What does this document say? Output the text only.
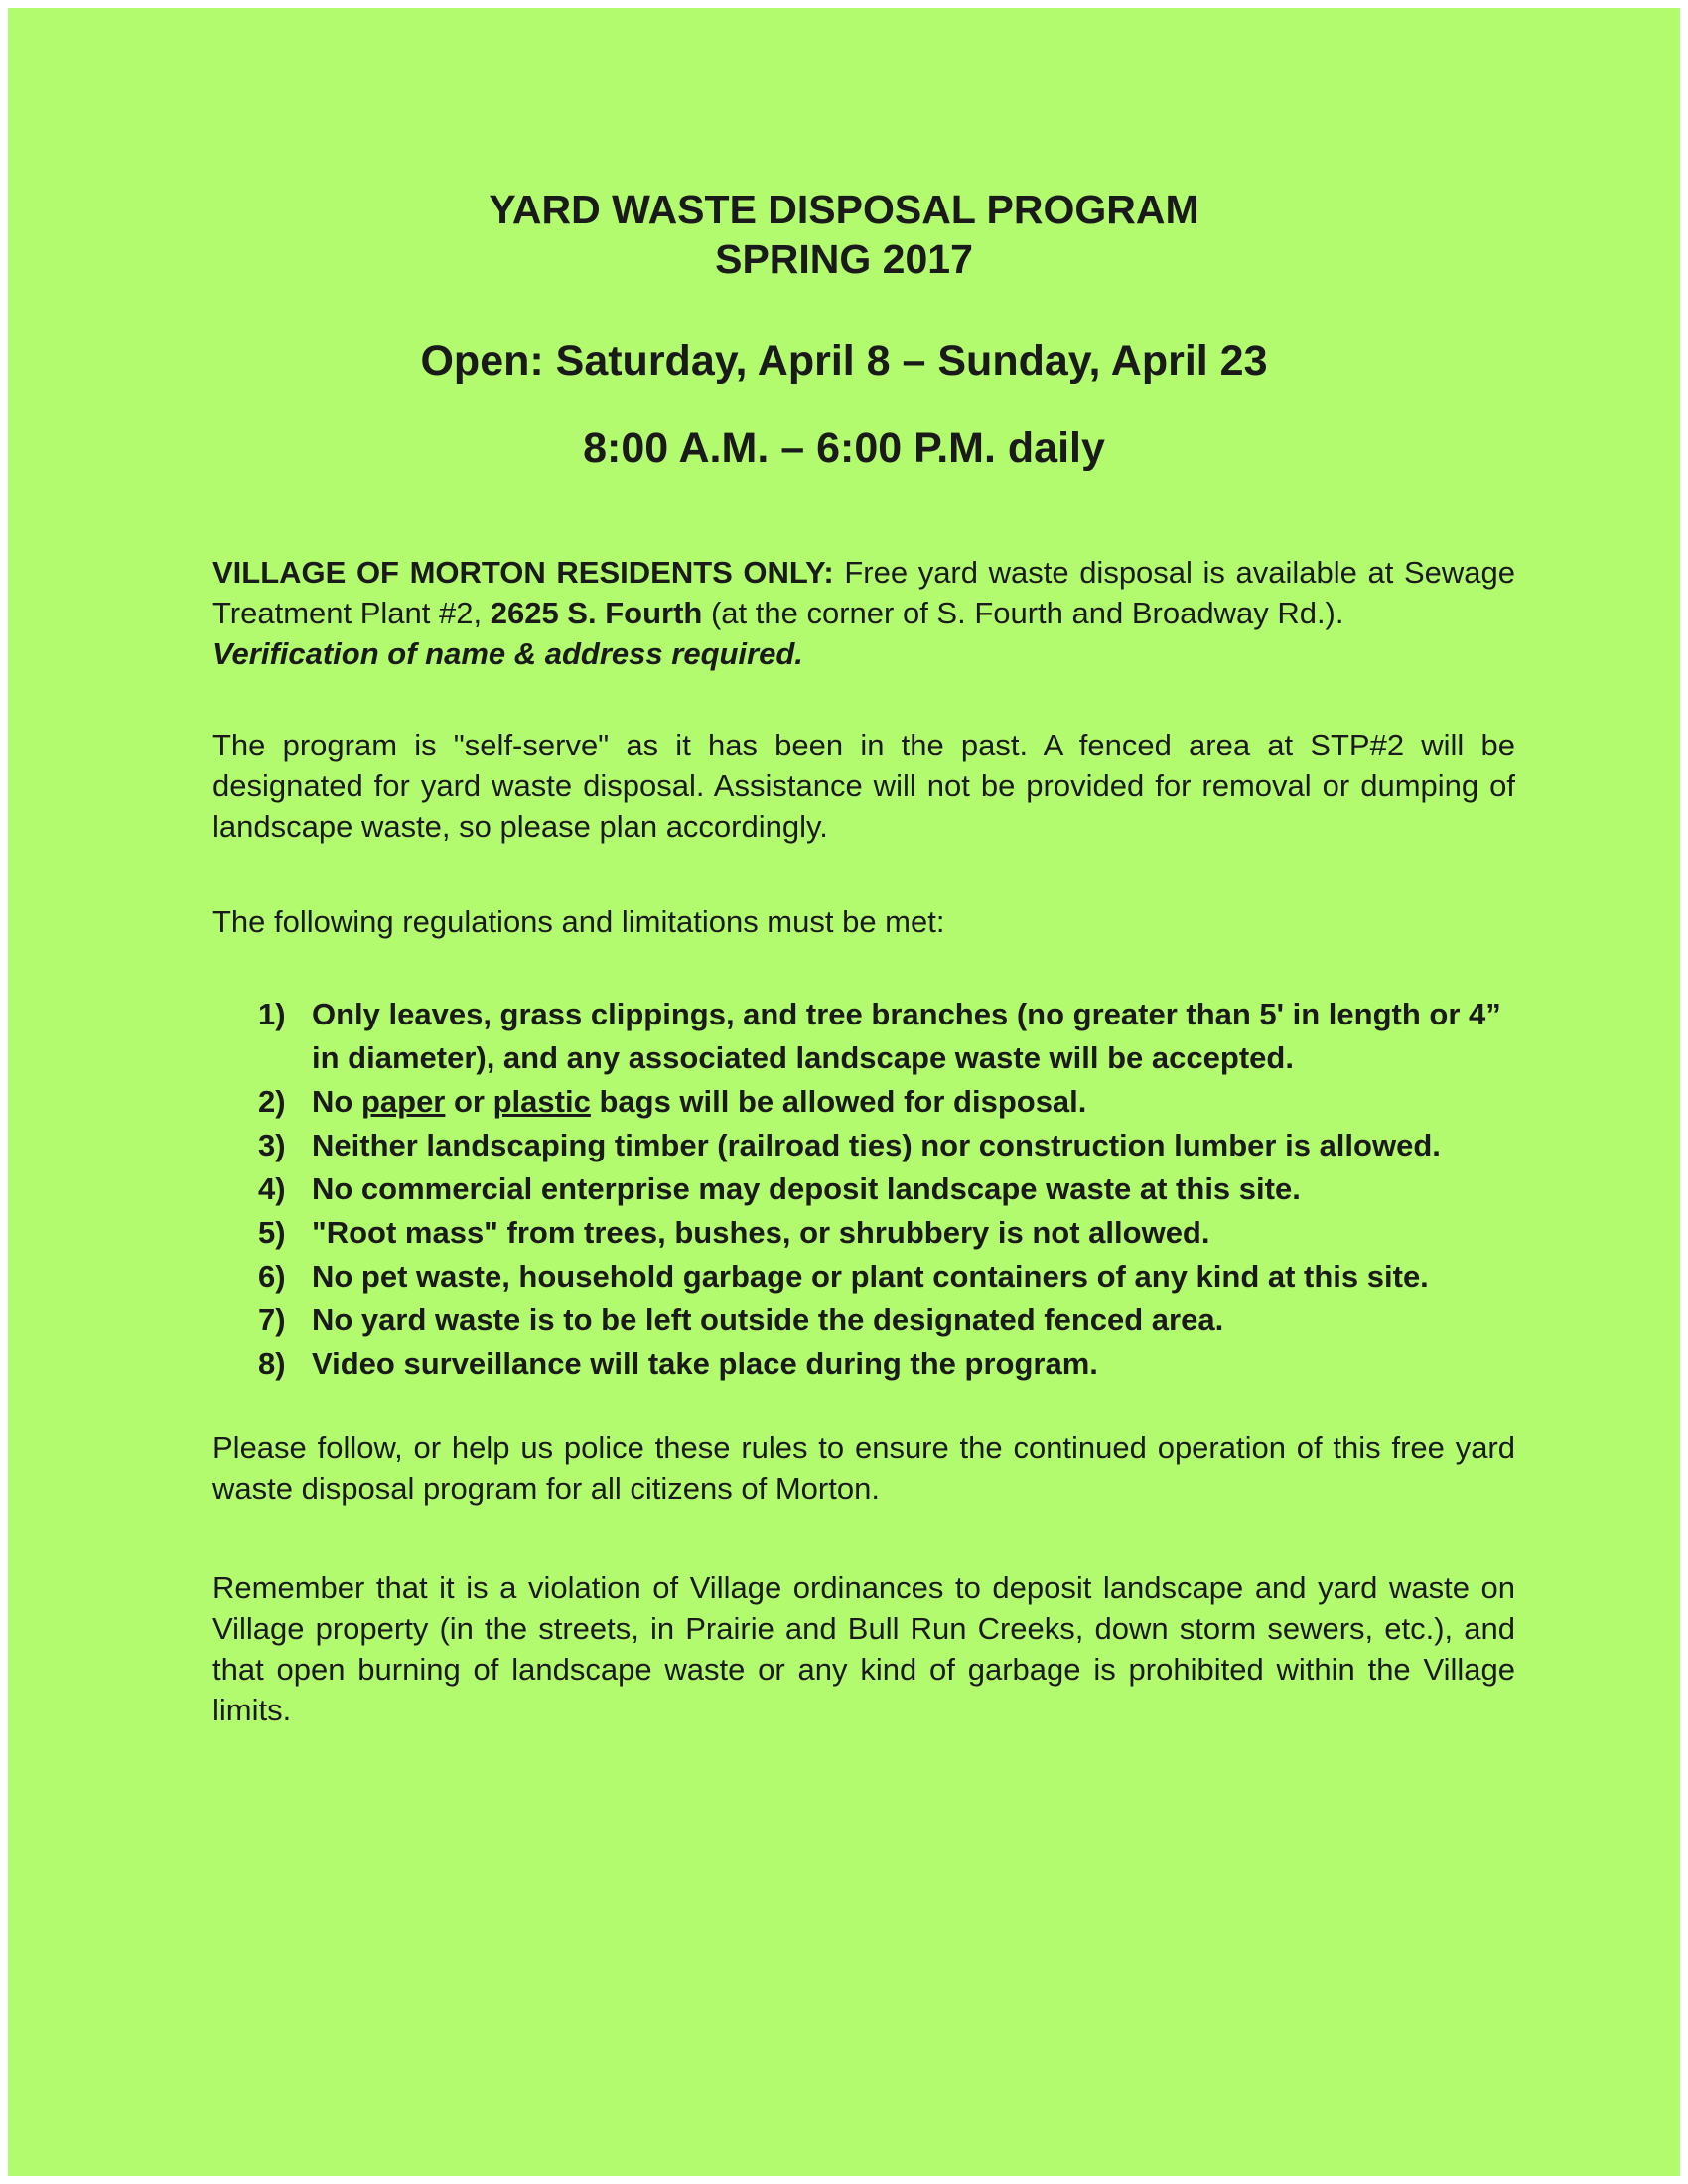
YARD WASTE DISPOSAL PROGRAM
SPRING 2017
Open: Saturday, April 8 – Sunday, April 23
8:00 A.M. – 6:00 P.M. daily

VILLAGE OF MORTON RESIDENTS ONLY: Free yard waste disposal is available at Sewage Treatment Plant #2, 2625 S. Fourth (at the corner of S. Fourth and Broadway Rd.).
Verification of name & address required.

The program is "self-serve" as it has been in the past. A fenced area at STP#2 will be designated for yard waste disposal. Assistance will not be provided for removal or dumping of landscape waste, so please plan accordingly.

The following regulations and limitations must be met:

1) Only leaves, grass clippings, and tree branches (no greater than 5' in length or 4” in diameter), and any associated landscape waste will be accepted.
2) No paper or plastic bags will be allowed for disposal.
3) Neither landscaping timber (railroad ties) nor construction lumber is allowed.
4) No commercial enterprise may deposit landscape waste at this site.
5) "Root mass" from trees, bushes, or shrubbery is not allowed.
6) No pet waste, household garbage or plant containers of any kind at this site.
7) No yard waste is to be left outside the designated fenced area.
8) Video surveillance will take place during the program.

Please follow, or help us police these rules to ensure the continued operation of this free yard waste disposal program for all citizens of Morton.

Remember that it is a violation of Village ordinances to deposit landscape and yard waste on Village property (in the streets, in Prairie and Bull Run Creeks, down storm sewers, etc.), and that open burning of landscape waste or any kind of garbage is prohibited within the Village limits.
